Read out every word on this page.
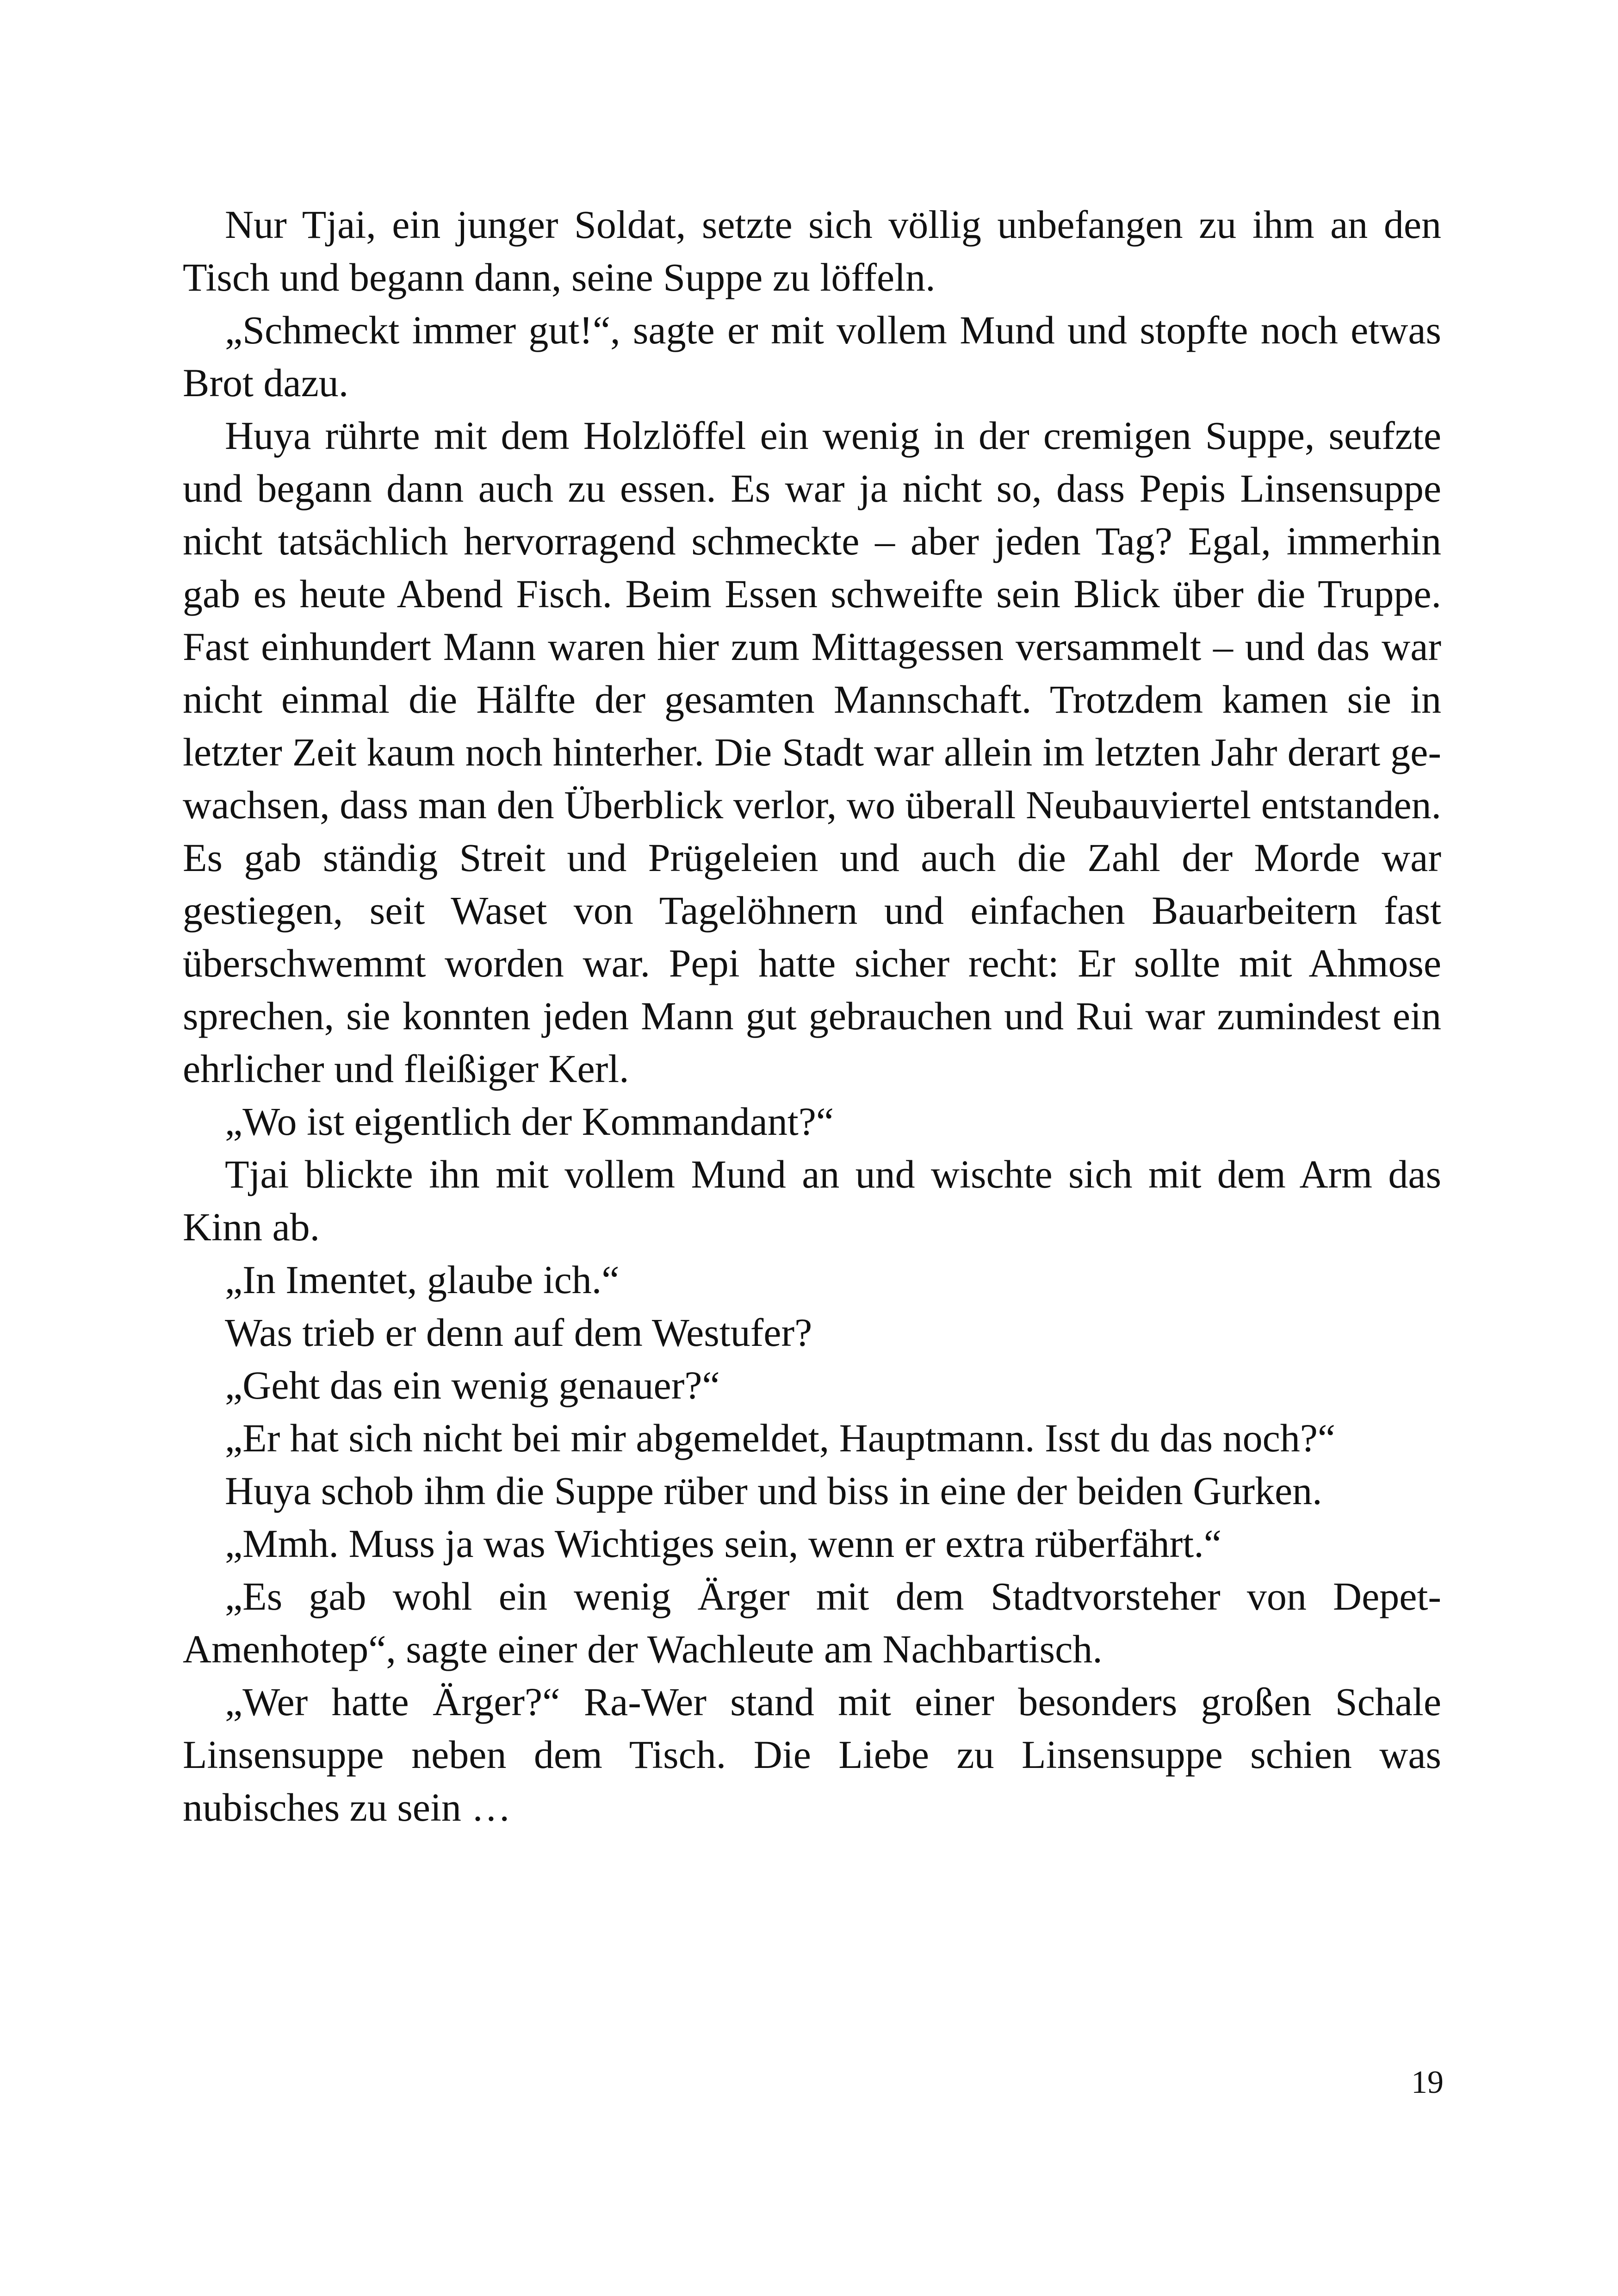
Nur Tjai, ein junger Soldat, setzte sich völlig unbefangen zu ihm an den Tisch und begann dann, seine Suppe zu löffeln.

„Schmeckt immer gut!“, sagte er mit vollem Mund und stopfte noch etwas Brot dazu.

Huya rührte mit dem Holzlöffel ein wenig in der cremigen Suppe, seufzte und begann dann auch zu essen. Es war ja nicht so, dass Pepis Linsensuppe nicht tatsächlich hervorragend schmeckte – aber jeden Tag? Egal, immerhin gab es heute Abend Fisch. Beim Essen schweifte sein Blick über die Truppe. Fast einhundert Mann waren hier zum Mittagessen versammelt – und das war nicht einmal die Hälfte der gesamten Mannschaft. Trotzdem kamen sie in letzter Zeit kaum noch hinterher. Die Stadt war allein im letzten Jahr derart gewachsen, dass man den Überblick verlor, wo überall Neubauviertel entstanden. Es gab ständig Streit und Prügeleien und auch die Zahl der Morde war gestiegen, seit Waset von Tagelöhnern und einfachen Bauarbeitern fast überschwemmt worden war. Pepi hatte sicher recht: Er sollte mit Ahmose sprechen, sie konnten jeden Mann gut gebrauchen und Rui war zumindest ein ehrlicher und fleißiger Kerl.

„Wo ist eigentlich der Kommandant?“

Tjai blickte ihn mit vollem Mund an und wischte sich mit dem Arm das Kinn ab.

„In Imentet, glaube ich.“

Was trieb er denn auf dem Westufer?

„Geht das ein wenig genauer?“

„Er hat sich nicht bei mir abgemeldet, Hauptmann. Isst du das noch?“

Huya schob ihm die Suppe rüber und biss in eine der beiden Gurken.

„Mmh. Muss ja was Wichtiges sein, wenn er extra rüberfährt.“

„Es gab wohl ein wenig Ärger mit dem Stadtvorsteher von Depet-Amenhotep“, sagte einer der Wachleute am Nachbartisch.

„Wer hatte Ärger?“ Ra-Wer stand mit einer besonders großen Schale Linsensuppe neben dem Tisch. Die Liebe zu Linsensuppe schien was nubisches zu sein …

19
